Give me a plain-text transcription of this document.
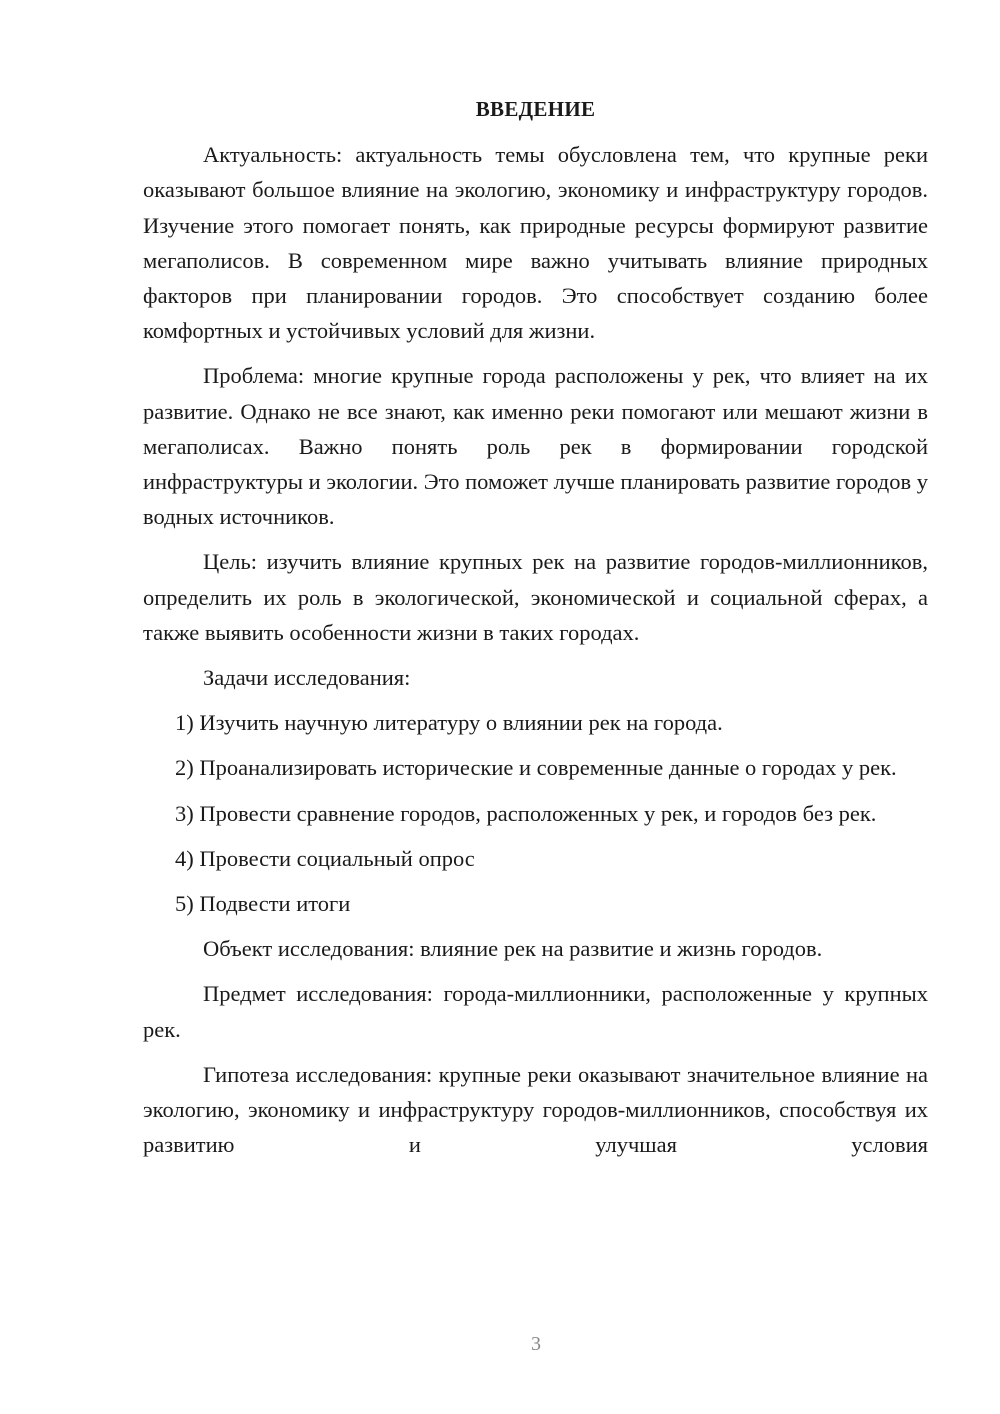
ВВЕДЕНИЕ

Актуальность: актуальность темы обусловлена тем, что крупные реки оказывают большое влияние на экологию, экономику и инфраструктуру городов. Изучение этого помогает понять, как природные ресурсы формируют развитие мегаполисов. В современном мире важно учитывать влияние природных факторов при планировании городов. Это способствует созданию более комфортных и устойчивых условий для жизни.

Проблема: многие крупные города расположены у рек, что влияет на их развитие. Однако не все знают, как именно реки помогают или мешают жизни в мегаполисах. Важно понять роль рек в формировании городской инфраструктуры и экологии. Это поможет лучше планировать развитие городов у водных источников.

Цель: изучить влияние крупных рек на развитие городов-миллионников, определить их роль в экологической, экономической и социальной сферах, а также выявить особенности жизни в таких городах.

Задачи исследования:

1) Изучить научную литературу о влиянии рек на города.

2) Проанализировать исторические и современные данные о городах у рек.

3) Провести сравнение городов, расположенных у рек, и городов без рек.

4) Провести социальный опрос

5) Подвести итоги

Объект исследования: влияние рек на развитие и жизнь городов.

Предмет исследования: города-миллионники, расположенные у крупных рек.

Гипотеза исследования: крупные реки оказывают значительное влияние на экологию, экономику и инфраструктуру городов-миллионников, способствуя их развитию и улучшая условия

3
